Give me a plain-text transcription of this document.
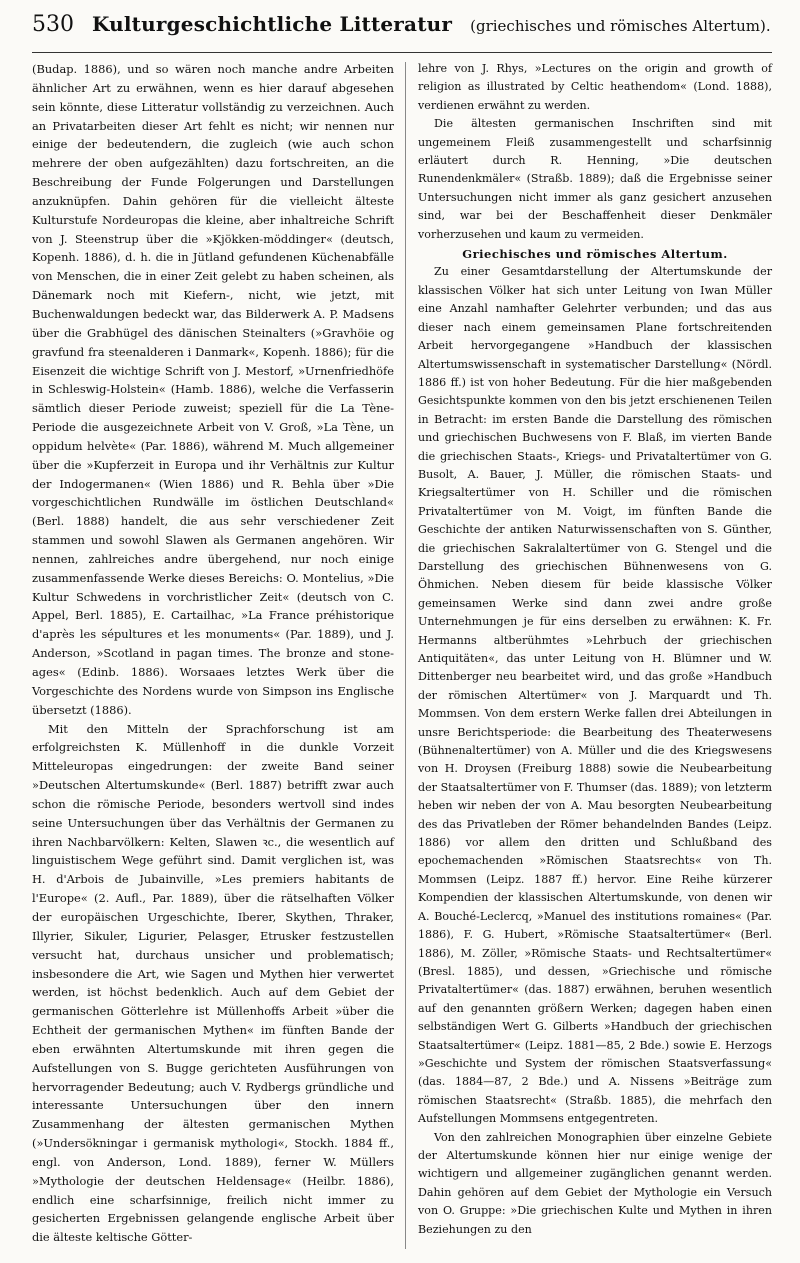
530 Kulturgeschichtliche Litteratur (griechisches und römisches Altertum).

(Budap. 1886), und so wären noch manche andre Arbeiten ähnlicher Art zu erwähnen, wenn es hier darauf abgesehen sein könnte, diese Litteratur vollständig zu verzeichnen. Auch an Privatarbeiten dieser Art fehlt es nicht; wir nennen nur einige der bedeutendern, die zugleich (wie auch schon mehrere der oben aufgezählten) dazu fortschreiten, an die Beschreibung der Funde Folgerungen und Darstellungen anzuknüpfen. Dahin gehören für die vielleicht älteste Kulturstufe Nordeuropas die kleine, aber inhaltreiche Schrift von J. Steenstrup über die »Kjökken-möddinger« (deutsch, Kopenh. 1886), d. h. die in Jütland gefundenen Küchenabfälle von Menschen, die in einer Zeit gelebt zu haben scheinen, als Dänemark noch mit Kiefern-, nicht, wie jetzt, mit Buchenwaldungen bedeckt war, das Bilderwerk A. P. Madsens über die Grabhügel des dänischen Steinalters (»Gravhöie og gravfund fra steenalderen i Danmark«, Kopenh. 1886); für die Eisenzeit die wichtige Schrift von J. Mestorf, »Urnenfriedhöfe in Schleswig-Holstein« (Hamb. 1886), welche die Verfasserin sämtlich dieser Periode zuweist; speziell für die La Tène-Periode die ausgezeichnete Arbeit von V. Groß, »La Tène, un oppidum helvète« (Par. 1886), während M. Much allgemeiner über die »Kupferzeit in Europa und ihr Verhältnis zur Kultur der Indogermanen« (Wien 1886) und R. Behla über »Die vorgeschichtlichen Rundwälle im östlichen Deutschland« (Berl. 1888) handelt, die aus sehr verschiedener Zeit stammen und sowohl Slawen als Germanen angehören. Wir nennen, zahlreiches andre übergehend, nur noch einige zusammenfassende Werke dieses Bereichs: O. Montelius, »Die Kultur Schwedens in vorchristlicher Zeit« (deutsch von C. Appel, Berl. 1885), E. Cartailhac, »La France préhistorique d'après les sépultures et les monuments« (Par. 1889), und J. Anderson, »Scotland in pagan times. The bronze and stone-ages« (Edinb. 1886). Worsaaes letztes Werk über die Vorgeschichte des Nordens wurde von Simpson ins Englische übersetzt (1886).

Mit den Mitteln der Sprachforschung ist am erfolgreichsten K. Müllenhoff in die dunkle Vorzeit Mitteleuropas eingedrungen: der zweite Band seiner »Deutschen Altertumskunde« (Berl. 1887) betrifft zwar auch schon die römische Periode, besonders wertvoll sind indes seine Untersuchungen über das Verhältnis der Germanen zu ihren Nachbarvölkern: Kelten, Slawen ꝛc., die wesentlich auf linguistischem Wege geführt sind. Damit verglichen ist, was H. d'Arbois de Jubainville, »Les premiers habitants de l'Europe« (2. Aufl., Par. 1889), über die rätselhaften Völker der europäischen Urgeschichte, Iberer, Skythen, Thraker, Illyrier, Sikuler, Ligurier, Pelasger, Etrusker festzustellen versucht hat, durchaus unsicher und problematisch; insbesondere die Art, wie Sagen und Mythen hier verwertet werden, ist höchst bedenklich. Auch auf dem Gebiet der germanischen Götterlehre ist Müllenhoffs Arbeit »über die Echtheit der germanischen Mythen« im fünften Bande der eben erwähnten Altertumskunde mit ihren gegen die Aufstellungen von S. Bugge gerichteten Ausführungen von hervorragender Bedeutung; auch V. Rydbergs gründliche und interessante Untersuchungen über den innern Zusammenhang der ältesten germanischen Mythen (»Undersökningar i germanisk mythologi«, Stockh. 1884 ff., engl. von Anderson, Lond. 1889), ferner W. Müllers »Mythologie der deutschen Heldensage« (Heilbr. 1886), endlich eine scharfsinnige, freilich nicht immer zu gesicherten Ergebnissen gelangende englische Arbeit über die älteste keltische Götter-

lehre von J. Rhys, »Lectures on the origin and growth of religion as illustrated by Celtic heathendom« (Lond. 1888), verdienen erwähnt zu werden.

Die ältesten germanischen Inschriften sind mit ungemeinem Fleiß zusammengestellt und scharfsinnig erläutert durch R. Henning, »Die deutschen Runendenkmäler« (Straßb. 1889); daß die Ergebnisse seiner Untersuchungen nicht immer als ganz gesichert anzusehen sind, war bei der Beschaffenheit dieser Denkmäler vorherzusehen und kaum zu vermeiden.

Griechisches und römisches Altertum.

Zu einer Gesamtdarstellung der Altertumskunde der klassischen Völker hat sich unter Leitung von Iwan Müller eine Anzahl namhafter Gelehrter verbunden; und das aus dieser nach einem gemeinsamen Plane fortschreitenden Arbeit hervorgegangene »Handbuch der klassischen Altertumswissenschaft in systematischer Darstellung« (Nördl. 1886 ff.) ist von hoher Bedeutung. Für die hier maßgebenden Gesichtspunkte kommen von den bis jetzt erschienenen Teilen in Betracht: im ersten Bande die Darstellung des römischen und griechischen Buchwesens von F. Blaß, im vierten Bande die griechischen Staats-, Kriegs- und Privataltertümer von G. Busolt, A. Bauer, J. Müller, die römischen Staats- und Kriegsaltertümer von H. Schiller und die römischen Privataltertümer von M. Voigt, im fünften Bande die Geschichte der antiken Naturwissenschaften von S. Günther, die griechischen Sakralaltertümer von G. Stengel und die Darstellung des griechischen Bühnenwesens von G. Öhmichen. Neben diesem für beide klassische Völker gemeinsamen Werke sind dann zwei andre große Unternehmungen je für eins derselben zu erwähnen: K. Fr. Hermanns altberühmtes »Lehrbuch der griechischen Antiquitäten«, das unter Leitung von H. Blümner und W. Dittenberger neu bearbeitet wird, und das große »Handbuch der römischen Altertümer« von J. Marquardt und Th. Mommsen. Von dem erstern Werke fallen drei Abteilungen in unsre Berichtsperiode: die Bearbeitung des Theaterwesens (Bühnenaltertümer) von A. Müller und die des Kriegswesens von H. Droysen (Freiburg 1888) sowie die Neubearbeitung der Staatsaltertümer von F. Thumser (das. 1889); von letzterm heben wir neben der von A. Mau besorgten Neubearbeitung des das Privatleben der Römer behandelnden Bandes (Leipz. 1886) vor allem den dritten und Schlußband des epochemachenden »Römischen Staatsrechts« von Th. Mommsen (Leipz. 1887 ff.) hervor. Eine Reihe kürzerer Kompendien der klassischen Altertumskunde, von denen wir A. Bouché-Leclercq, »Manuel des institutions romaines« (Par. 1886), F. G. Hubert, »Römische Staatsaltertümer« (Berl. 1886), M. Zöller, »Römische Staats- und Rechtsaltertümer« (Bresl. 1885), und dessen, »Griechische und römische Privataltertümer« (das. 1887) erwähnen, beruhen wesentlich auf den genannten größern Werken; dagegen haben einen selbständigen Wert G. Gilberts »Handbuch der griechischen Staatsaltertümer« (Leipz. 1881—85, 2 Bde.) sowie E. Herzogs »Geschichte und System der römischen Staatsverfassung« (das. 1884—87, 2 Bde.) und A. Nissens »Beiträge zum römischen Staatsrecht« (Straßb. 1885), die mehrfach den Aufstellungen Mommsens entgegentreten.

Von den zahlreichen Monographien über einzelne Gebiete der Altertumskunde können hier nur einige wenige der wichtigern und allgemeiner zugänglichen genannt werden. Dahin gehören auf dem Gebiet der Mythologie ein Versuch von O. Gruppe: »Die griechischen Kulte und Mythen in ihren Beziehungen zu den
